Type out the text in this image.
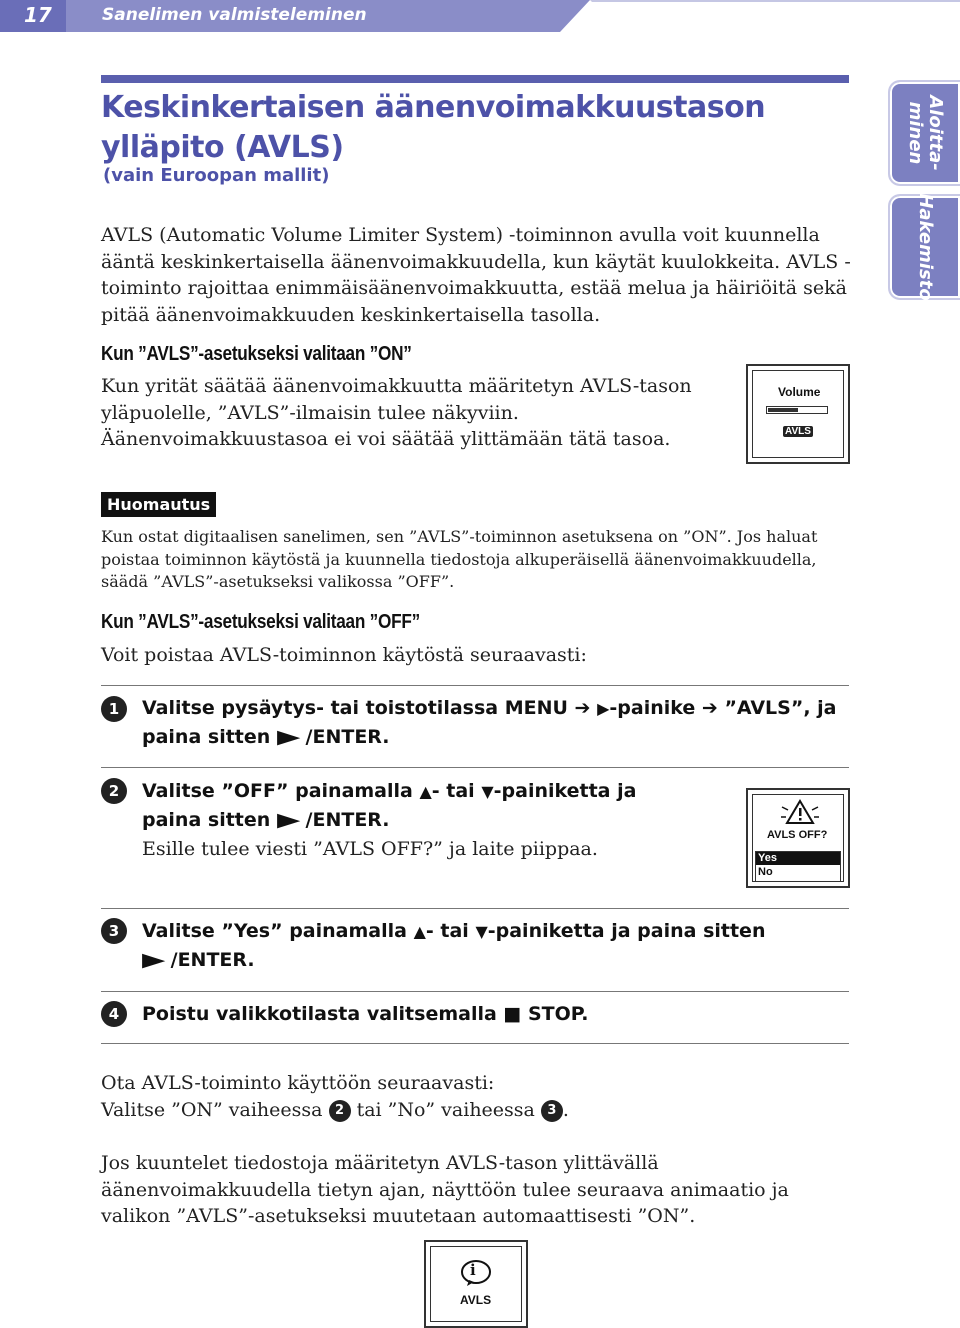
17	Sanelimen valmisteleminen
Aloitta-
minen
Hakemisto
Keskinkertaisen äänenvoimakkuustason
ylläpito (AVLS)
(vain Euroopan mallit)
AVLS (Automatic Volume Limiter System) -toiminnon avulla voit kuunnella ääntä keskinkertaisella äänenvoimakkuudella, kun käytät kuulokkeita. AVLS -toiminto rajoittaa enimmäisäänenvoimakkuutta, estää melua ja häiriöitä sekä pitää äänenvoimakkuuden keskinkertaisella tasolla.
Kun ”AVLS”-asetukseksi valitaan ”ON”
Kun yrität säätää äänenvoimakkuutta määritetyn AVLS-tason yläpuolelle, ”AVLS”-ilmaisin tulee näkyviin. Äänenvoimakkuustasoa ei voi säätää ylittämään tätä tasoa.
Volume
AVLS
Huomautus
Kun ostat digitaalisen sanelimen, sen ”AVLS”-toiminnon asetuksena on ”ON”. Jos haluat poistaa toiminnon käytöstä ja kuunnella tiedostoja alkuperäisellä äänenvoimakkuudella, säädä ”AVLS”-asetukseksi valikossa ”OFF”.
Kun ”AVLS”-asetukseksi valitaan ”OFF”
Voit poistaa AVLS-toiminnon käytöstä seuraavasti:
1	Valitse pysäytys- tai toistotilassa MENU ➔ ▶-painike ➔ ”AVLS”, ja
paina sitten ▶ /ENTER.
2	Valitse ”OFF” painamalla ▲- tai ▼-painiketta ja
paina sitten ▶ /ENTER.
Esille tulee viesti ”AVLS OFF?” ja laite piippaa.
AVLS OFF?
Yes
No
3	Valitse ”Yes” painamalla ▲- tai ▼-painiketta ja paina sitten
▶ /ENTER.
4	Poistu valikkotilasta valitsemalla ■ STOP.
Ota AVLS-toiminto käyttöön seuraavasti:
Valitse ”ON” vaiheessa 2 tai ”No” vaiheessa 3 .
Jos kuuntelet tiedostoja määritetyn AVLS-tason ylittävällä äänenvoimakkuudella tietyn ajan, näyttöön tulee seuraava animaatio ja valikon ”AVLS”-asetukseksi muutetaan automaattisesti ”ON”.
i
AVLS
